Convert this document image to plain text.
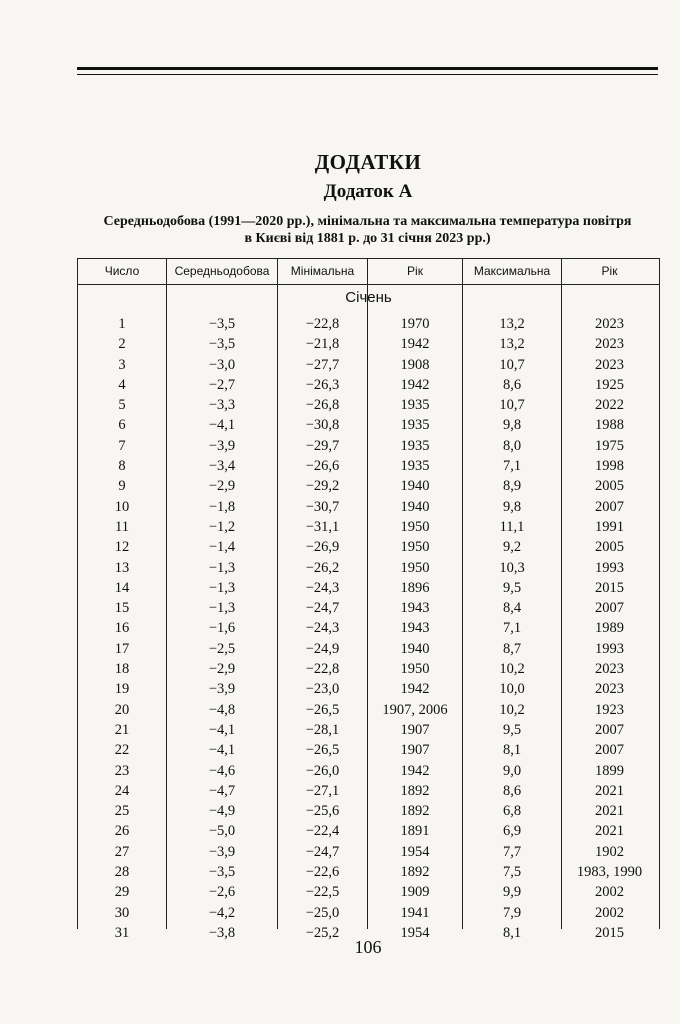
ДОДАТКИ
Додаток А
Середньодобова (1991—2020 рр.), мінімальна та максимальна температура повітря
в Києві від 1881 р. до 31 січня 2023 рр.)
Число	Середньодобова	Мінімальна	Рік	Максимальна	Рік
Січень
1	−3,5	−22,8	1970	13,2	2023
2	−3,5	−21,8	1942	13,2	2023
3	−3,0	−27,7	1908	10,7	2023
4	−2,7	−26,3	1942	8,6	1925
5	−3,3	−26,8	1935	10,7	2022
6	−4,1	−30,8	1935	9,8	1988
7	−3,9	−29,7	1935	8,0	1975
8	−3,4	−26,6	1935	7,1	1998
9	−2,9	−29,2	1940	8,9	2005
10	−1,8	−30,7	1940	9,8	2007
11	−1,2	−31,1	1950	11,1	1991
12	−1,4	−26,9	1950	9,2	2005
13	−1,3	−26,2	1950	10,3	1993
14	−1,3	−24,3	1896	9,5	2015
15	−1,3	−24,7	1943	8,4	2007
16	−1,6	−24,3	1943	7,1	1989
17	−2,5	−24,9	1940	8,7	1993
18	−2,9	−22,8	1950	10,2	2023
19	−3,9	−23,0	1942	10,0	2023
20	−4,8	−26,5	1907, 2006	10,2	1923
21	−4,1	−28,1	1907	9,5	2007
22	−4,1	−26,5	1907	8,1	2007
23	−4,6	−26,0	1942	9,0	1899
24	−4,7	−27,1	1892	8,6	2021
25	−4,9	−25,6	1892	6,8	2021
26	−5,0	−22,4	1891	6,9	2021
27	−3,9	−24,7	1954	7,7	1902
28	−3,5	−22,6	1892	7,5	1983, 1990
29	−2,6	−22,5	1909	9,9	2002
30	−4,2	−25,0	1941	7,9	2002
31	−3,8	−25,2	1954	8,1	2015
106
